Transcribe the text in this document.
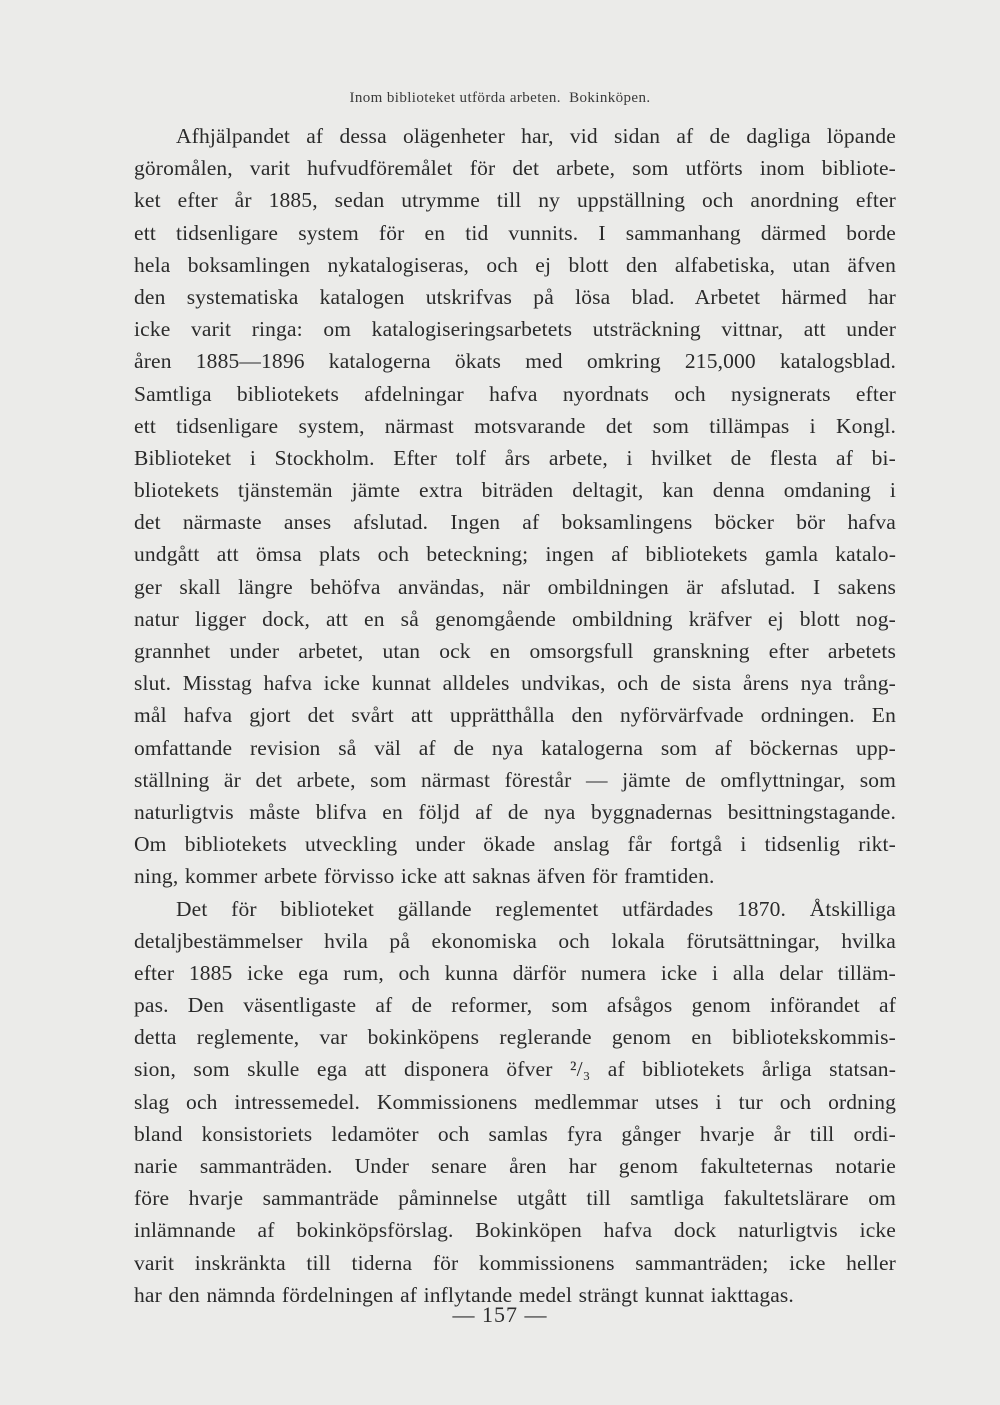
Inom biblioteket utförda arbeten. Bokinköpen.
Afhjälpandet af dessa olägenheter har, vid sidan af de dagliga löpande
göromålen, varit hufvudföremålet för det arbete, som utförts inom bibliote-
ket efter år 1885, sedan utrymme till ny uppställning och anordning efter
ett tidsenligare system för en tid vunnits. I sammanhang därmed borde
hela boksamlingen nykatalogiseras, och ej blott den alfabetiska, utan äfven
den systematiska katalogen utskrifvas på lösa blad. Arbetet härmed har
icke varit ringa: om katalogiseringsarbetets utsträckning vittnar, att under
åren 1885—1896 katalogerna ökats med omkring 215,000 katalogsblad.
Samtliga bibliotekets afdelningar hafva nyordnats och nysignerats efter
ett tidsenligare system, närmast motsvarande det som tillämpas i Kongl.
Biblioteket i Stockholm. Efter tolf års arbete, i hvilket de flesta af bi-
bliotekets tjänstemän jämte extra biträden deltagit, kan denna omdaning i
det närmaste anses afslutad. Ingen af boksamlingens böcker bör hafva
undgått att ömsa plats och beteckning; ingen af bibliotekets gamla katalo-
ger skall längre behöfva användas, när ombildningen är afslutad. I sakens
natur ligger dock, att en så genomgående ombildning kräfver ej blott nog-
grannhet under arbetet, utan ock en omsorgsfull granskning efter arbetets
slut. Misstag hafva icke kunnat alldeles undvikas, och de sista årens nya trång-
mål hafva gjort det svårt att upprätthålla den nyförvärfvade ordningen. En
omfattande revision så väl af de nya katalogerna som af böckernas upp-
ställning är det arbete, som närmast förestår — jämte de omflyttningar, som
naturligtvis måste blifva en följd af de nya byggnadernas besittningstagande.
Om bibliotekets utveckling under ökade anslag får fortgå i tidsenlig rikt-
ning, kommer arbete förvisso icke att saknas äfven för framtiden.
Det för biblioteket gällande reglementet utfärdades 1870. Åtskilliga
detaljbestämmelser hvila på ekonomiska och lokala förutsättningar, hvilka
efter 1885 icke ega rum, och kunna därför numera icke i alla delar tilläm-
pas. Den väsentligaste af de reformer, som afsågos genom införandet af
detta reglemente, var bokinköpens reglerande genom en bibliotekskommis-
sion, som skulle ega att disponera öfver ²/₃ af bibliotekets årliga statsan-
slag och intressemedel. Kommissionens medlemmar utses i tur och ordning
bland konsistoriets ledamöter och samlas fyra gånger hvarje år till ordi-
narie sammanträden. Under senare åren har genom fakulteternas notarie
före hvarje sammanträde påminnelse utgått till samtliga fakultetslärare om
inlämnande af bokinköpsförslag. Bokinköpen hafva dock naturligtvis icke
varit inskränkta till tiderna för kommissionens sammanträden; icke heller
har den nämnda fördelningen af inflytande medel strängt kunnat iakttagas.
— 157 —
